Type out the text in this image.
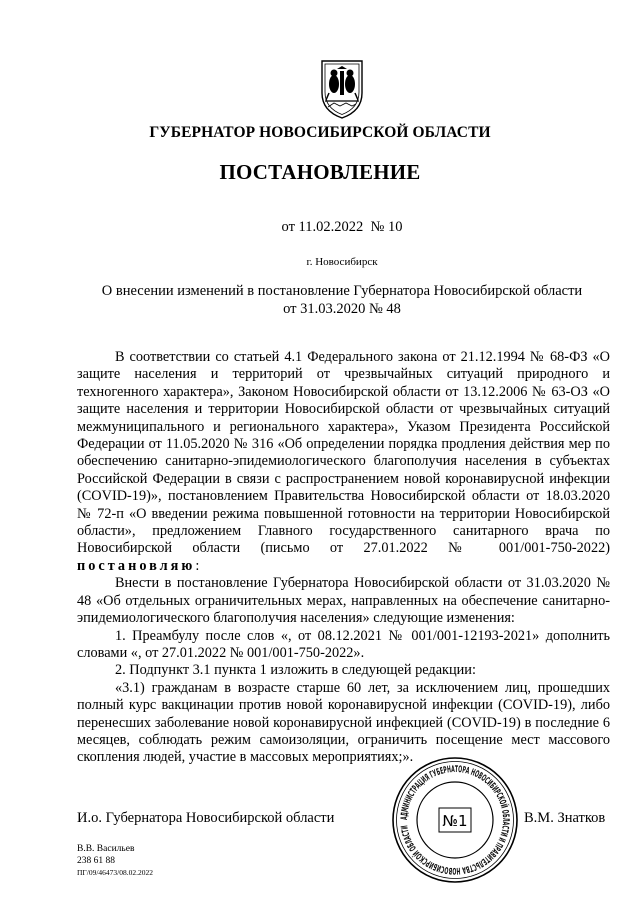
ГУБЕРНАТОР НОВОСИБИРСКОЙ ОБЛАСТИ
ПОСТАНОВЛЕНИЕ
от 11.02.2022  № 10
г. Новосибирск
О внесении изменений в постановление Губернатора Новосибирской области
от 31.03.2020 № 48

В соответствии со статьей 4.1 Федерального закона от 21.12.1994 № 68-ФЗ «О защите населения и территорий от чрезвычайных ситуаций природного и техногенного характера», Законом Новосибирской области от 13.12.2006 № 63-ОЗ «О защите населения и территории Новосибирской области от чрезвычайных ситуаций межмуниципального и регионального характера», Указом Президента Российской Федерации от 11.05.2020 № 316 «Об определении порядка продления действия мер по обеспечению санитарно-эпидемиологического благополучия населения в субъектах Российской Федерации в связи с распространением новой коронавирусной инфекции (COVID-19)», постановлением Правительства Новосибирской области от 18.03.2020 № 72-п «О введении режима повышенной готовности на территории Новосибирской области», предложением Главного государственного санитарного врача по Новосибирской области (письмо от 27.01.2022 № 001/001-750-2022) постановляю:

Внести в постановление Губернатора Новосибирской области от 31.03.2020 № 48 «Об отдельных ограничительных мерах, направленных на обеспечение санитарно-эпидемиологического благополучия населения» следующие изменения:

1. Преамбулу после слов «, от 08.12.2021 № 001/001-12193-2021» дополнить словами «, от 27.01.2022 № 001/001-750-2022».

2. Подпункт 3.1 пункта 1 изложить в следующей редакции:

«3.1) гражданам в возрасте старше 60 лет, за исключением лиц, прошедших полный курс вакцинации против новой коронавирусной инфекции (COVID-19), либо перенесших заболевание новой коронавирусной инфекцией (COVID-19) в последние 6 месяцев, соблюдать режим самоизоляции, ограничить посещение мест массового скопления людей, участие в массовых мероприятиях;».

И.о. Губернатора Новосибирской области	АДМИНИСТРАЦИЯ ГУБЕРНАТОРА НОВОСИБИРСКОЙ ОБЛАСТИ И ПРАВИТЕЛЬСТВА НОВОСИБИРСКОЙ ОБЛАСТИ	№1	В.М. Знатков
В.В. Васильев
238 61 88
ПГ/09/46473/08.02.2022
